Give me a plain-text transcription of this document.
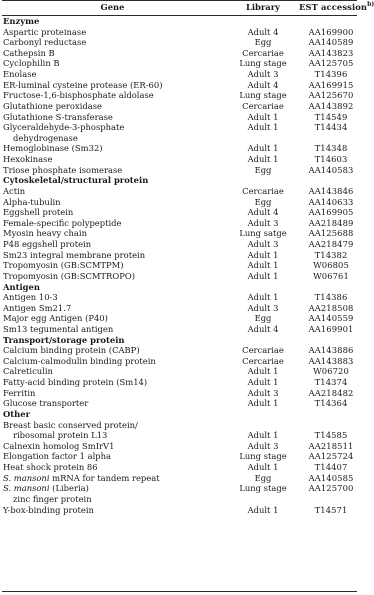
Gene	Library	EST accession$^{b)}$
Enzyme
Aspartic proteinase	Adult 4	AA169900
Carbonyl reductase	Egg	AA140589
Cathepsin B	Cercariae	AA143823
Cyclophilin B	Lung stage	AA125705
Enolase	Adult 3	T14396
ER-luminal cysteine protease (ER-60)	Adult 4	AA169915
Fructose-1,6-bisphosphate aldolase	Lung stage	AA125670
Glutathione peroxidase	Cercariae	AA143892
Glutathione S-transferase	Adult 1	T14549
Glyceraldehyde-3-phosphate	Adult 1	T14434
dehydrogenase
Hemoglobinase (Sm32)	Adult 1	T14348
Hexokinase	Adult 1	T14603
Triose phosphate isomerase	Egg	AA140583
Cytoskeletal/structural protein
Actin	Cercariae	AA143846
Alpha-tubulin	Egg	AA140633
Eggshell protein	Adult 4	AA169905
Female-specific polypeptide	Adult 3	AA218489
Myosin heavy chain	Lung satge	AA125688
P48 eggshell protein	Adult 3	AA218479
Sm23 integral membrane protein	Adult 1	T14382
Tropomyosin (GB:SCMTPM)	Adult 1	W06805
Tropomyosin (GB:SCMTROPO)	Adult 1	W06761
Antigen
Antigen 10-3	Adult 1	T14386
Antigen Sm21.7	Adult 3	AA218508
Major egg Antigen (P40)	Egg	AA140559
Sm13 tegumental antigen	Adult 4	AA169901
Transport/storage protein
Calcium binding protein (CABP)	Cercariae	AA143886
Calcium-calmodulin binding protein	Cercariae	AA143883
Calreticulin	Adult 1	W06720
Fatty-acid binding protein (Sm14)	Adult 1	T14374
Ferritin	Adult 3	AA218482
Glucose transporter	Adult 1	T14364
Other
Breast basic conserved protein/
ribosomal protein L13	Adult 1	T14585
Calnexin homolog SmIrV1	Adult 3	AA218511
Elongation factor 1 alpha	Lung stage	AA125724
Heat shock protein 86	Adult 1	T14407
S. mansoni mRNA for tandem repeat	Egg	AA140585
S. mansoni (Liberia)	Lung stage	AA125700
zinc finger protein
Y-box-binding protein	Adult 1	T14571
